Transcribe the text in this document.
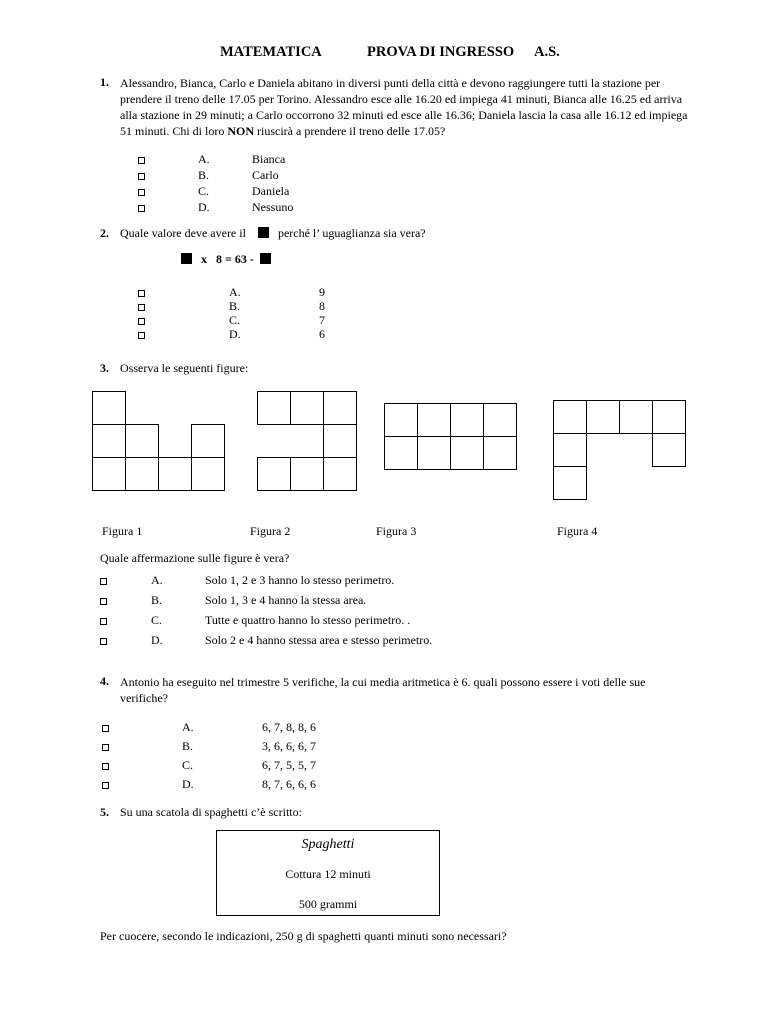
MATEMATICA	PROVA DI INGRESSO A.S.
1. Alessandro, Bianca, Carlo e Daniela abitano in diversi punti della città e devono raggiungere tutti la stazione per
prendere il treno delle 17.05 per Torino. Alessandro esce alle 16.20 ed impiega 41 minuti, Bianca alle 16.25 ed arriva
alla stazione in 29 minuti; a Carlo occorrono 32 minuti ed esce alle 16.36; Daniela lascia la casa alle 16.12 ed impiega
51 minuti. Chi di loro NON riuscirà a prendere il treno delle 17.05?
A.	Bianca
B.	Carlo
C.	Daniela
D.	Nessuno
2. Quale valore deve avere il	perché l’ uguaglianza sia vera?
x 8 = 63 -
A.	9
B.	8
C.	7
D.	6
3. Osserva le seguenti figure:

Figura 1	Figura 2	Figura 3	Figura 4
Quale affermazione sulle figure è vera?
A.	Solo 1, 2 e 3 hanno lo stesso perimetro.
B.	Solo 1, 3 e 4 hanno la stessa area.
C.	Tutte e quattro hanno lo stesso perimetro. .
D.	Solo 2 e 4 hanno stessa area e stesso perimetro.
4. Antonio ha eseguito nel trimestre 5 verifiche, la cui media aritmetica è 6. quali possono essere i voti delle sue
verifiche?
A.	6, 7, 8, 8, 6
B.	3, 6, 6, 6, 7
C.	6, 7, 5, 5, 7
D.	8, 7, 6, 6, 6
5. Su una scatola di spaghetti c’è scritto:
Spaghetti
Cottura 12 minuti
500 grammi
Per cuocere, secondo le indicazioni, 250 g di spaghetti quanti minuti sono necessari?
